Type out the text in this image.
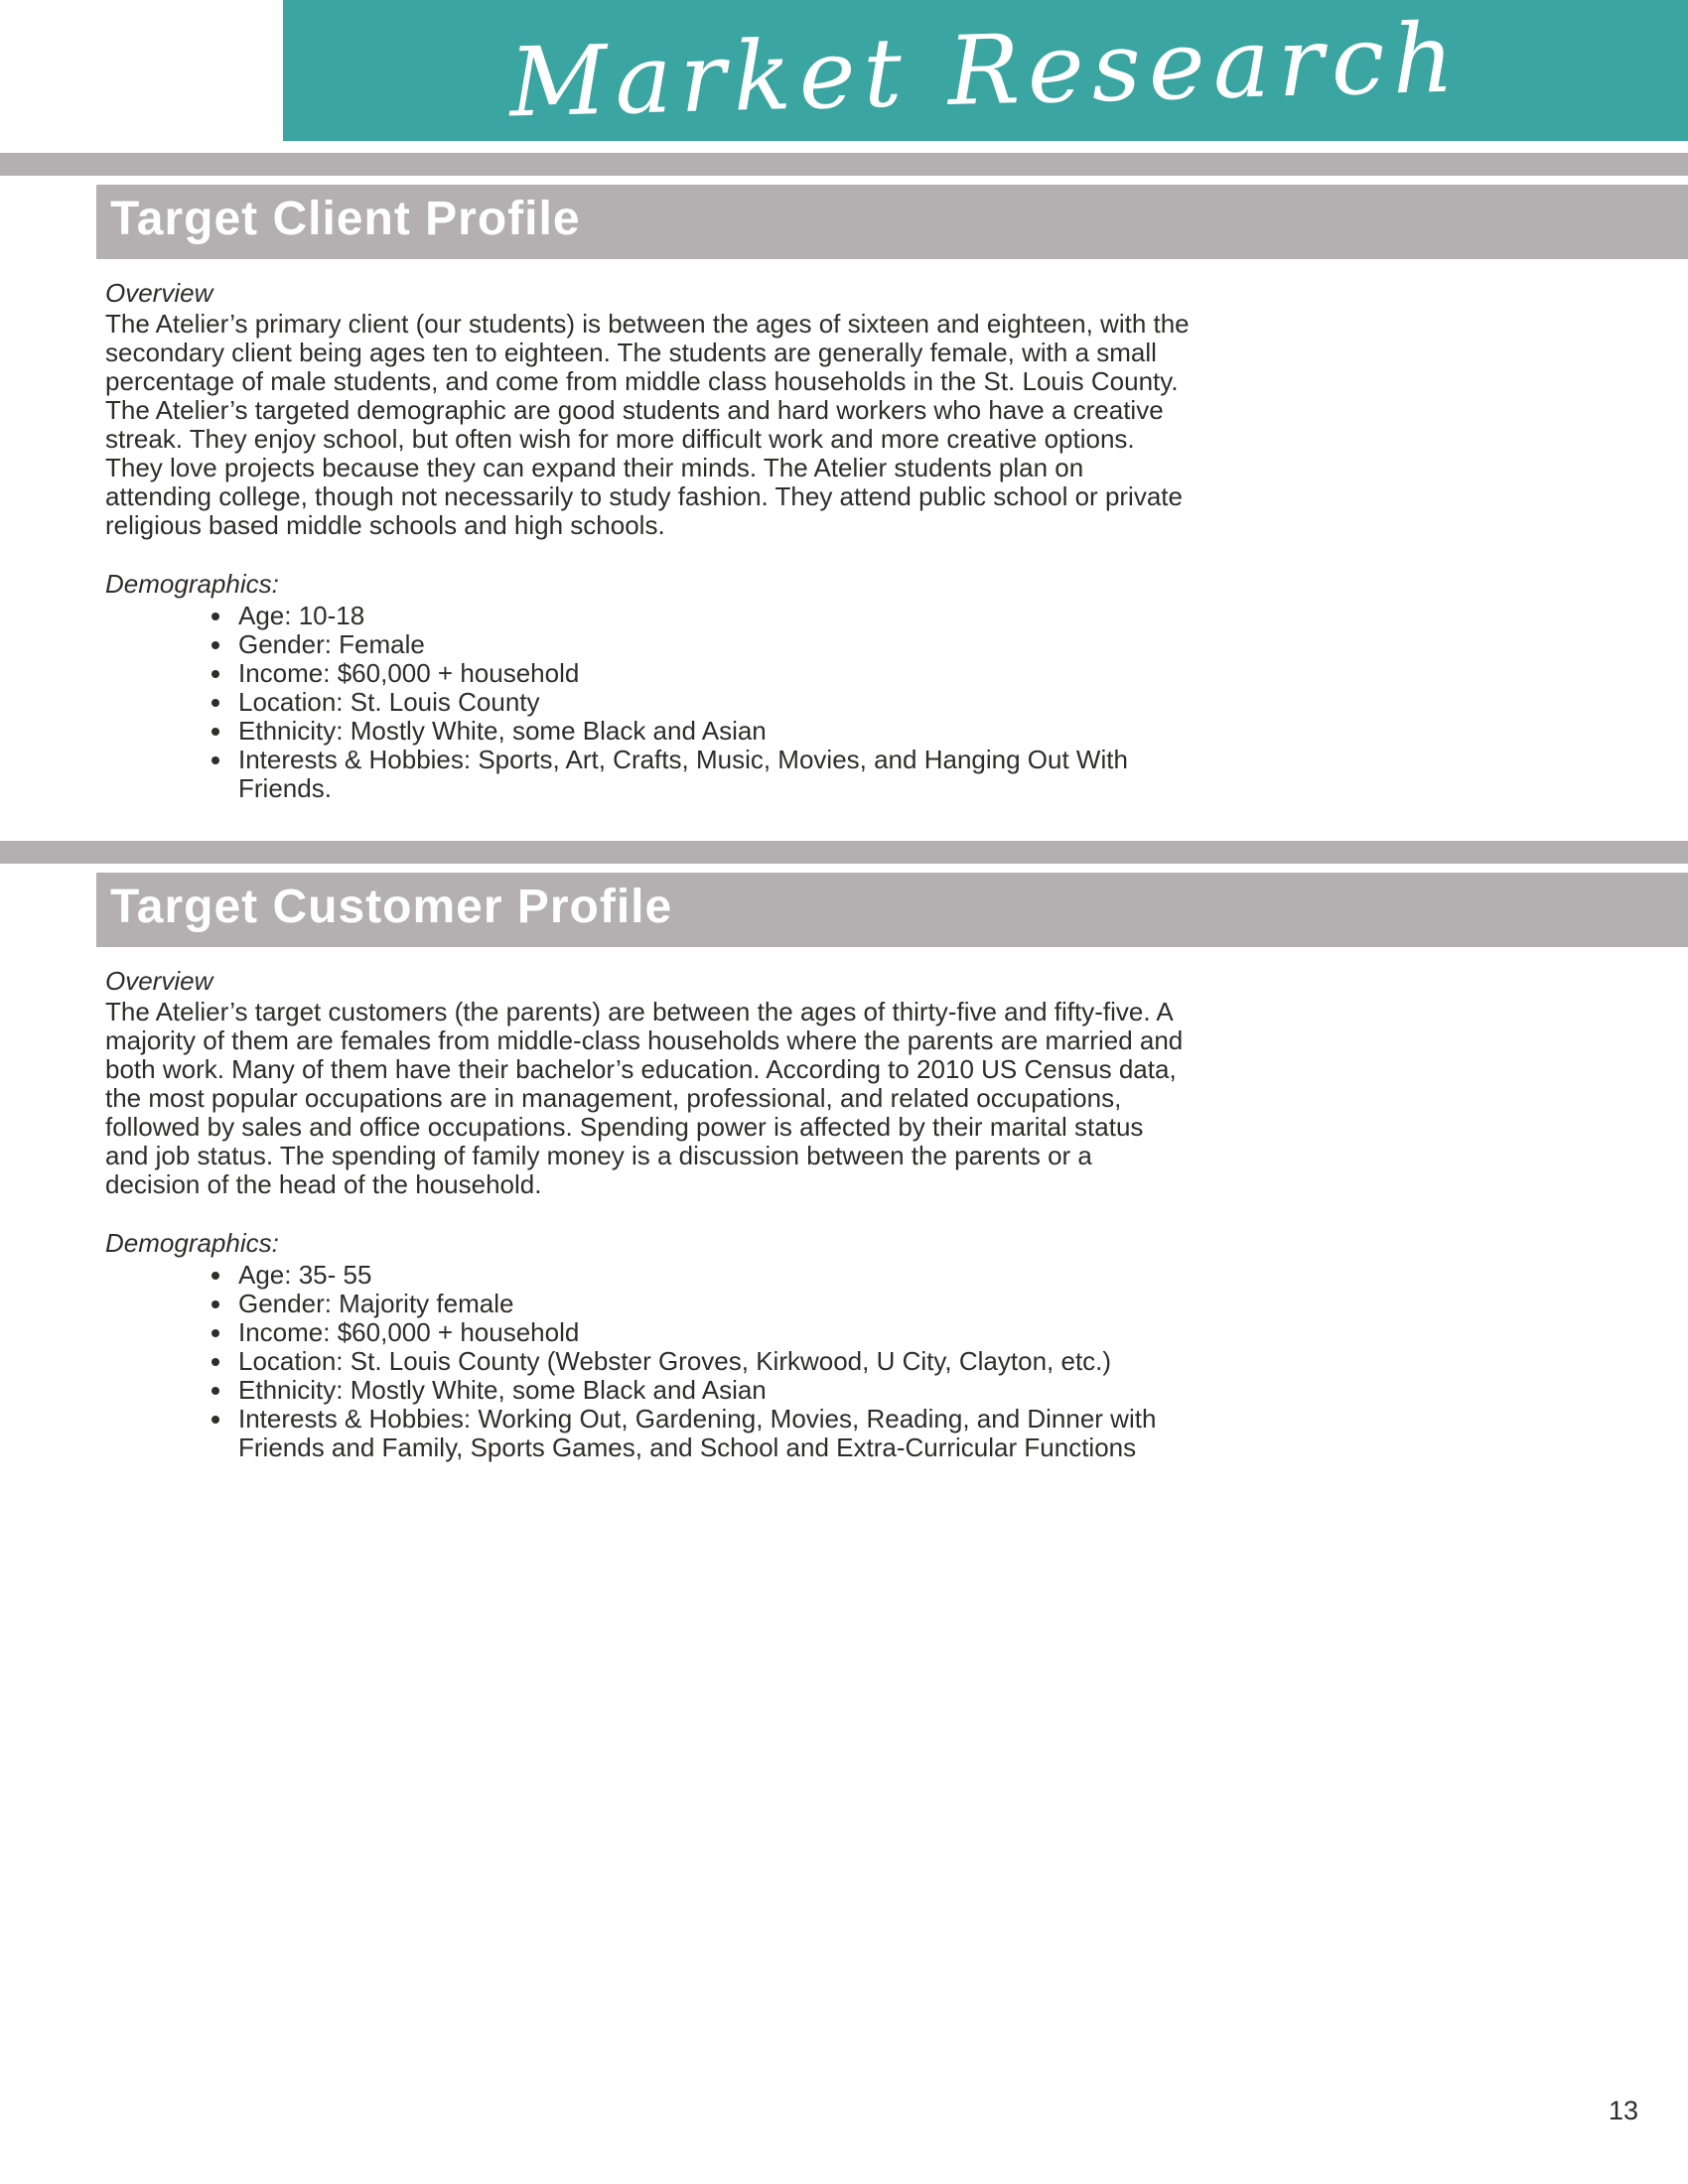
Market Research
Target Client Profile
Overview
The Atelier’s primary client (our students) is between the ages of sixteen and eighteen, with the secondary client being ages ten to eighteen. The students are generally female, with a small percentage of male students, and come from middle class households in the St. Louis County. The Atelier’s targeted demographic are good students and hard workers who have a creative streak. They enjoy school, but often wish for more difficult work and more creative options. They love projects because they can expand their minds. The Atelier students plan on attending college, though not necessarily to study fashion. They attend public school or private religious based middle schools and high schools.
Demographics:
• Age: 10-18
• Gender: Female
• Income: $60,000 + household
• Location: St. Louis County
• Ethnicity: Mostly White, some Black and Asian
• Interests & Hobbies: Sports, Art, Crafts, Music, Movies, and Hanging Out With Friends.
Target Customer Profile
Overview
The Atelier’s target customers (the parents) are between the ages of thirty-five and fifty-five. A majority of them are females from middle-class households where the parents are married and both work. Many of them have their bachelor’s education. According to 2010 US Census data, the most popular occupations are in management, professional, and related occupations, followed by sales and office occupations. Spending power is affected by their marital status and job status. The spending of family money is a discussion between the parents or a decision of the head of the household.
Demographics:
• Age: 35- 55
• Gender: Majority female
• Income: $60,000 + household
• Location: St. Louis County (Webster Groves, Kirkwood, U City, Clayton, etc.)
• Ethnicity: Mostly White, some Black and Asian
• Interests & Hobbies: Working Out, Gardening, Movies, Reading, and Dinner with Friends and Family, Sports Games, and School and Extra-Curricular Functions
13
